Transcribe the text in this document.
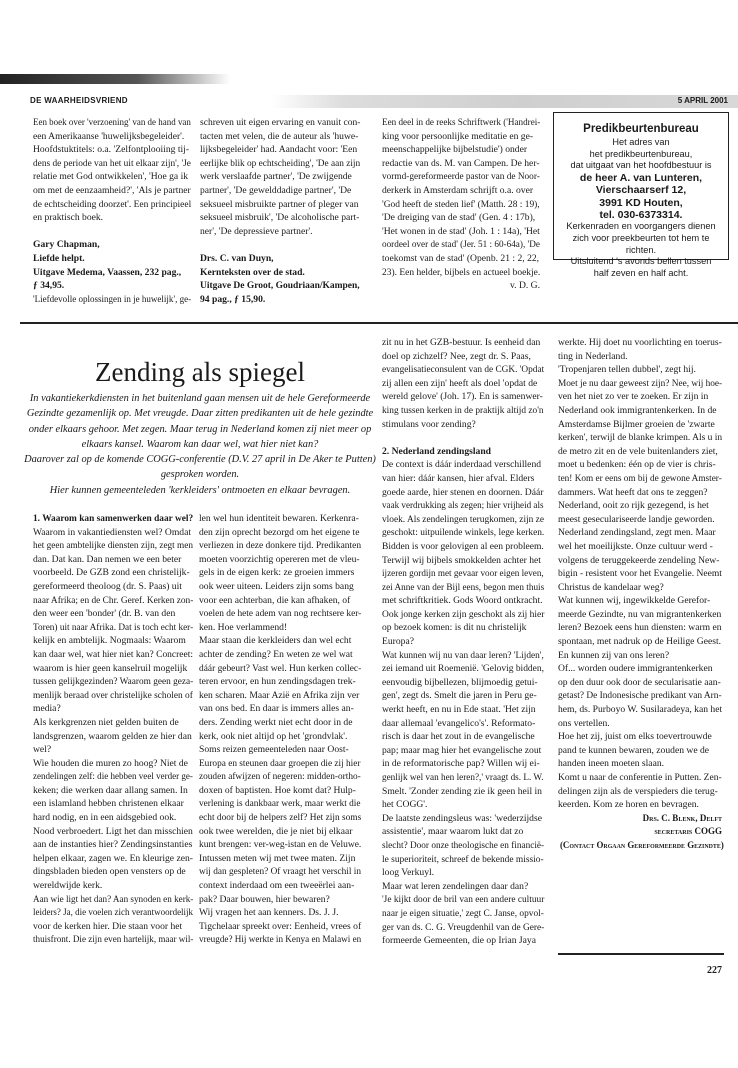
DE WAARHEIDSVRIEND	5 APRIL 2001
Een boek over 'verzoening' van de hand van
een Amerikaanse 'huwelijksbegeleider'.
Hoofdstuktitels: o.a. 'Zelfontplooiing tij-
dens de periode van het uit elkaar zijn', 'Je
relatie met God ontwikkelen', 'Hoe ga ik
om met de eenzaamheid?', 'Als je partner
de echtscheiding doorzet'. Een principieel
en praktisch boek.
Gary Chapman,
Liefde helpt.
Uitgave Medema, Vaassen, 232 pag.,
ƒ 34,95.
'Liefdevolle oplossingen in je huwelijk', ge-
schreven uit eigen ervaring en vanuit con-
tacten met velen, die de auteur als 'huwe-
lijksbegeleider' had. Aandacht voor: 'Een
eerlijke blik op echtscheiding', 'De aan zijn
werk verslaafde partner', 'De zwijgende
partner', 'De gewelddadige partner', 'De
seksueel misbruikte partner of pleger van
seksueel misbruik', 'De alcoholische part-
ner', 'De depressieve partner'.
Drs. C. van Duyn,
Kernteksten over de stad.
Uitgave De Groot, Goudriaan/Kampen,
94 pag., ƒ 15,90.
Een deel in de reeks Schriftwerk ('Handrei-
king voor persoonlijke meditatie en ge-
meenschappelijke bijbelstudie') onder
redactie van ds. M. van Campen. De her-
vormd-gereformeerde pastor van de Noor-
derkerk in Amsterdam schrijft o.a. over
'God heeft de steden lief' (Matth. 28 : 19),
'De dreiging van de stad' (Gen. 4 : 17b),
'Het wonen in de stad' (Joh. 1 : 14a), 'Het
oordeel over de stad' (Jer. 51 : 60-64a), 'De
toekomst van de stad' (Openb. 21 : 2, 22,
23). Een helder, bijbels en actueel boekje.
v. D. G.
Predikbeurtenbureau
Het adres van
het predikbeurtenbureau,
dat uitgaat van het hoofdbestuur is
de heer A. van Lunteren,
Vierschaarserf 12,
3991 KD Houten,
tel. 030-6373314.
Kerkenraden en voorgangers dienen
zich voor preekbeurten tot hem te
richten.
Uitsluitend 's avonds bellen tussen
half zeven en half acht.
Zending als spiegel
In vakantiekerkdiensten in het buitenland gaan mensen uit de hele Gereformeerde
Gezindte gezamenlijk op. Met vreugde. Daar zitten predikanten uit de hele gezindte
onder elkaars gehoor. Met zegen. Maar terug in Nederland komen zij niet meer op
elkaars kansel. Waarom kan daar wel, wat hier niet kan?
Daarover zal op de komende COGG-conferentie (D.V. 27 april in De Aker te Putten)
gesproken worden.
Hier kunnen gemeenteleden 'kerkleiders' ontmoeten en elkaar bevragen.
1. Waarom kan samenwerken daar wel?
Waarom in vakantiediensten wel? Omdat
het geen ambtelijke diensten zijn, zegt men
dan. Dat kan. Dan nemen we een beter
voorbeeld. De GZB zond een christelijk-
gereformeerd theoloog (dr. S. Paas) uit
naar Afrika; en de Chr. Geref. Kerken zon-
den weer een 'bonder' (dr. B. van den
Toren) uit naar Afrika. Dat is toch echt ker-
kelijk en ambtelijk. Nogmaals: Waarom
kan daar wel, wat hier niet kan? Concreet:
waarom is hier geen kanselruil mogelijk
tussen gelijkgezinden? Waarom geen geza-
menlijk beraad over christelijke scholen of
media?
Als kerkgrenzen niet gelden buiten de
landsgrenzen, waarom gelden ze hier dan
wel?
Wie houden die muren zo hoog? Niet de
zendelingen zelf: die hebben veel verder ge-
keken; die werken daar allang samen. In
een islamland hebben christenen elkaar
hard nodig, en in een aidsgebied ook.
Nood verbroedert. Ligt het dan misschien
aan de instanties hier? Zendingsinstanties
helpen elkaar, zagen we. En kleurige zen-
dingsbladen bieden open vensters op de
wereldwijde kerk.
Aan wie ligt het dan? Aan synoden en kerk-
leiders? Ja, die voelen zich verantwoordelijk
voor de kerken hier. Die staan voor het
thuisfront. Die zijn even hartelijk, maar wil-
len wel hun identiteit bewaren. Kerkenra-
den zijn oprecht bezorgd om het eigene te
verliezen in deze donkere tijd. Predikanten
moeten voorzichtig opereren met de vleu-
gels in de eigen kerk: ze groeien immers
ook weer uiteen. Leiders zijn soms bang
voor een achterban, die kan afhaken, of
voelen de hete adem van nog rechtsere ker-
ken. Hoe verlammend!
Maar staan die kerkleiders dan wel echt
achter de zending? En weten ze wel wat
dáár gebeurt? Vast wel. Hun kerken collec-
teren ervoor, en hun zendingsdagen trek-
ken scharen. Maar Azië en Afrika zijn ver
van ons bed. En daar is immers alles an-
ders. Zending werkt niet echt door in de
kerk, ook niet altijd op het 'grondvlak'.
Soms reizen gemeenteleden naar Oost-
Europa en steunen daar groepen die zij hier
zouden afwijzen of negeren: midden-ortho-
doxen of baptisten. Hoe komt dat? Hulp-
verlening is dankbaar werk, maar werkt die
echt door bij de helpers zelf? Het zijn soms
ook twee werelden, die je niet bij elkaar
kunt brengen: ver-weg-istan en de Veluwe.
Intussen meten wij met twee maten. Zijn
wij dan gespleten? Of vraagt het verschil in
context inderdaad om een tweeërlei aan-
pak? Daar bouwen, hier bewaren?
Wij vragen het aan kenners. Ds. J. J.
Tigchelaar spreekt over: Eenheid, vrees of
vreugde? Hij werkte in Kenya en Malawi en
zit nu in het GZB-bestuur. Is eenheid dan
doel op zichzelf? Nee, zegt dr. S. Paas,
evangelisatieconsulent van de CGK. 'Opdat
zij allen een zijn' heeft als doel 'opdat de
wereld gelove' (Joh. 17). En is samenwer-
king tussen kerken in de praktijk altijd zo'n
stimulans voor zending?
2. Nederland zendingsland
De context is dáár inderdaad verschillend
van hier: dáár kansen, hier afval. Elders
goede aarde, hier stenen en doornen. Dáár
vaak verdrukking als zegen; hier vrijheid als
vloek. Als zendelingen terugkomen, zijn ze
geschokt: uitpuilende winkels, lege kerken.
Bidden is voor gelovigen al een probleem.
Terwijl wij bijbels smokkelden achter het
ijzeren gordijn met gevaar voor eigen leven,
zei Anne van der Bijl eens, begon men thuis
met schriftkritiek. Gods Woord ontkracht.
Ook jonge kerken zijn geschokt als zij hier
op bezoek komen: is dit nu christelijk
Europa?
Wat kunnen wij nu van daar leren? 'Lijden',
zei iemand uit Roemenië. 'Gelovig bidden,
eenvoudig bijbellezen, blijmoedig getui-
gen', zegt ds. Smelt die jaren in Peru ge-
werkt heeft, en nu in Ede staat. 'Het zijn
daar allemaal 'evangelico's'. Reformato-
risch is daar het zout in de evangelische
pap; maar mag hier het evangelische zout
in de reformatorische pap? Willen wij ei-
genlijk wel van hen leren?,' vraagt ds. L. W.
Smelt. 'Zonder zending zie ik geen heil in
het COGG'.
De laatste zendingsleus was: 'wederzijdse
assistentie', maar waarom lukt dat zo
slecht? Door onze theologische en financië-
le superioriteit, schreef de bekende missio-
loog Verkuyl.
Maar wat leren zendelingen daar dan?
'Je kijkt door de bril van een andere cultuur
naar je eigen situatie,' zegt C. Janse, opvol-
ger van ds. C. G. Vreugdenhil van de Gere-
formeerde Gemeenten, die op Irian Jaya
werkte. Hij doet nu voorlichting en toerus-
ting in Nederland.
'Tropenjaren tellen dubbel', zegt hij.
Moet je nu daar geweest zijn? Nee, wij hoe-
ven het niet zo ver te zoeken. Er zijn in
Nederland ook immigrantenkerken. In de
Amsterdamse Bijlmer groeien de 'zwarte
kerken', terwijl de blanke krimpen. Als u in
de metro zit en de vele buitenlanders ziet,
moet u bedenken: één op de vier is chris-
ten! Kom er eens om bij de gewone Amster-
dammers. Wat heeft dat ons te zeggen?
Nederland, ooit zo rijk gezegend, is het
meest geseculariseerde landje geworden.
Nederland zendingsland, zegt men. Maar
wel het moeilijkste. Onze cultuur werd -
volgens de teruggekeerde zendeling New-
bigin - resistent voor het Evangelie. Neemt
Christus de kandelaar weg?
Wat kunnen wij, ingewikkelde Gerefor-
meerde Gezindte, nu van migrantenkerken
leren? Bezoek eens hun diensten: warm en
spontaan, met nadruk op de Heilige Geest.
En kunnen zij van ons leren?
Of... worden oudere immigrantenkerken
op den duur ook door de secularisatie aan-
getast? De Indonesische predikant van Arn-
hem, ds. Purboyo W. Susilaradeya, kan het
ons vertellen.
Hoe het zij, juist om elks toevertrouwde
pand te kunnen bewaren, zouden we de
handen ineen moeten slaan.
Komt u naar de conferentie in Putten. Zen-
delingen zijn als de verspieders die terug-
keerden. Kom ze horen en bevragen.
Drs. C. Blenk, Delft
secretaris COGG
(Contact Orgaan Gereformeerde Gezindte)
227
